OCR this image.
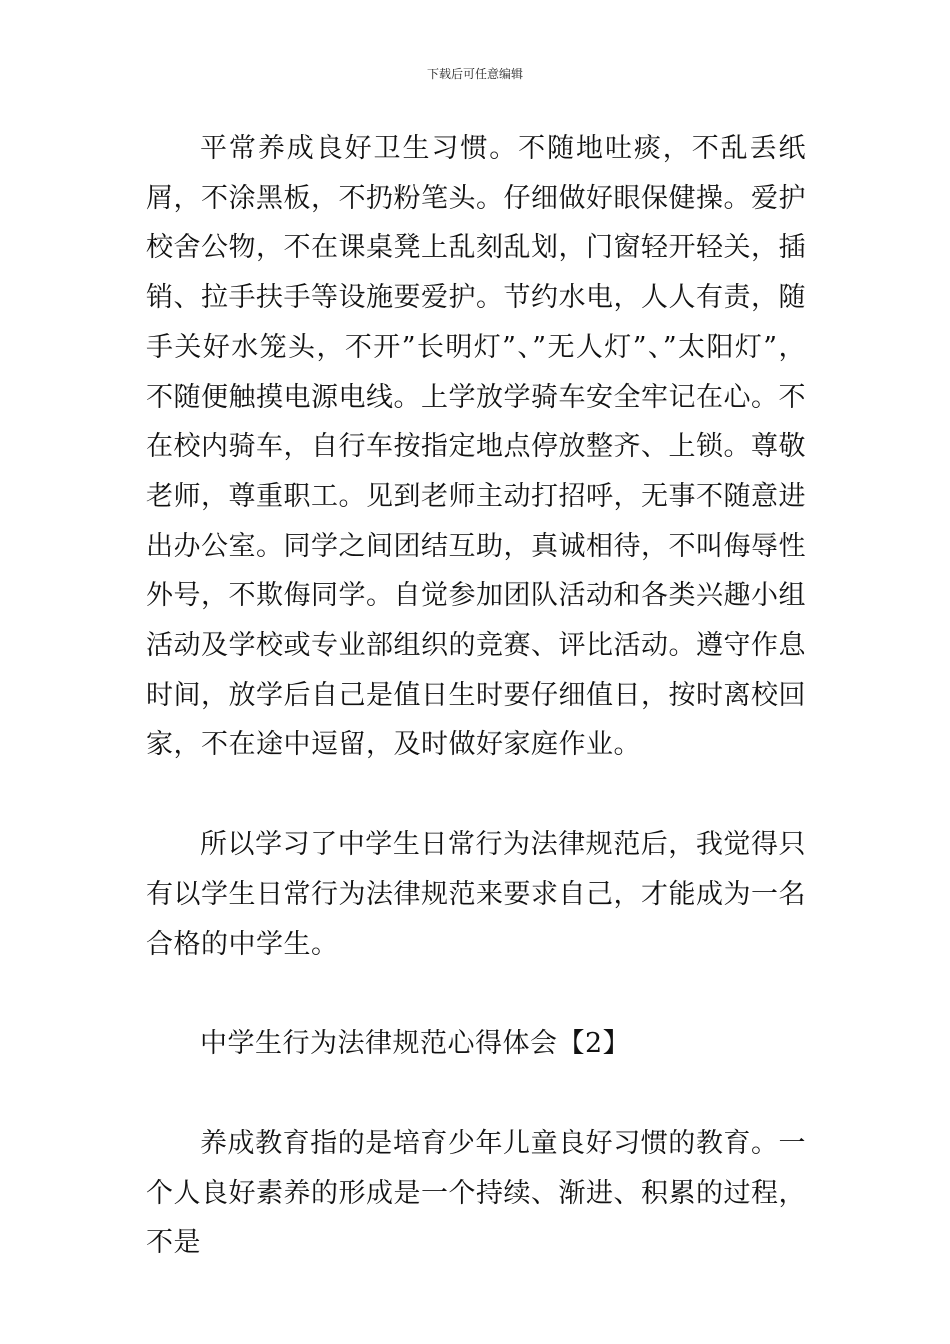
下载后可任意编辑

平常养成良好卫生习惯。不随地吐痰，不乱丢纸屑，不涂黑板，不扔粉笔头。仔细做好眼保健操。爱护校舍公物，不在课桌凳上乱刻乱划，门窗轻开轻关，插销、拉手扶手等设施要爱护。节约水电，人人有责，随手关好水笼头，不开”长明灯”、”无人灯”、”太阳灯”，不随便触摸电源电线。上学放学骑车安全牢记在心。不在校内骑车，自行车按指定地点停放整齐、上锁。尊敬老师，尊重职工。见到老师主动打招呼，无事不随意进出办公室。同学之间团结互助，真诚相待，不叫侮辱性外号，不欺侮同学。自觉参加团队活动和各类兴趣小组活动及学校或专业部组织的竞赛、评比活动。遵守作息时间，放学后自己是值日生时要仔细值日，按时离校回家，不在途中逗留，及时做好家庭作业。

所以学习了中学生日常行为法律规范后，我觉得只有以学生日常行为法律规范来要求自己，才能成为一名合格的中学生。

中学生行为法律规范心得体会【2】

养成教育指的是培育少年儿童良好习惯的教育。一个人良好素养的形成是一个持续、渐进、积累的过程，不是
